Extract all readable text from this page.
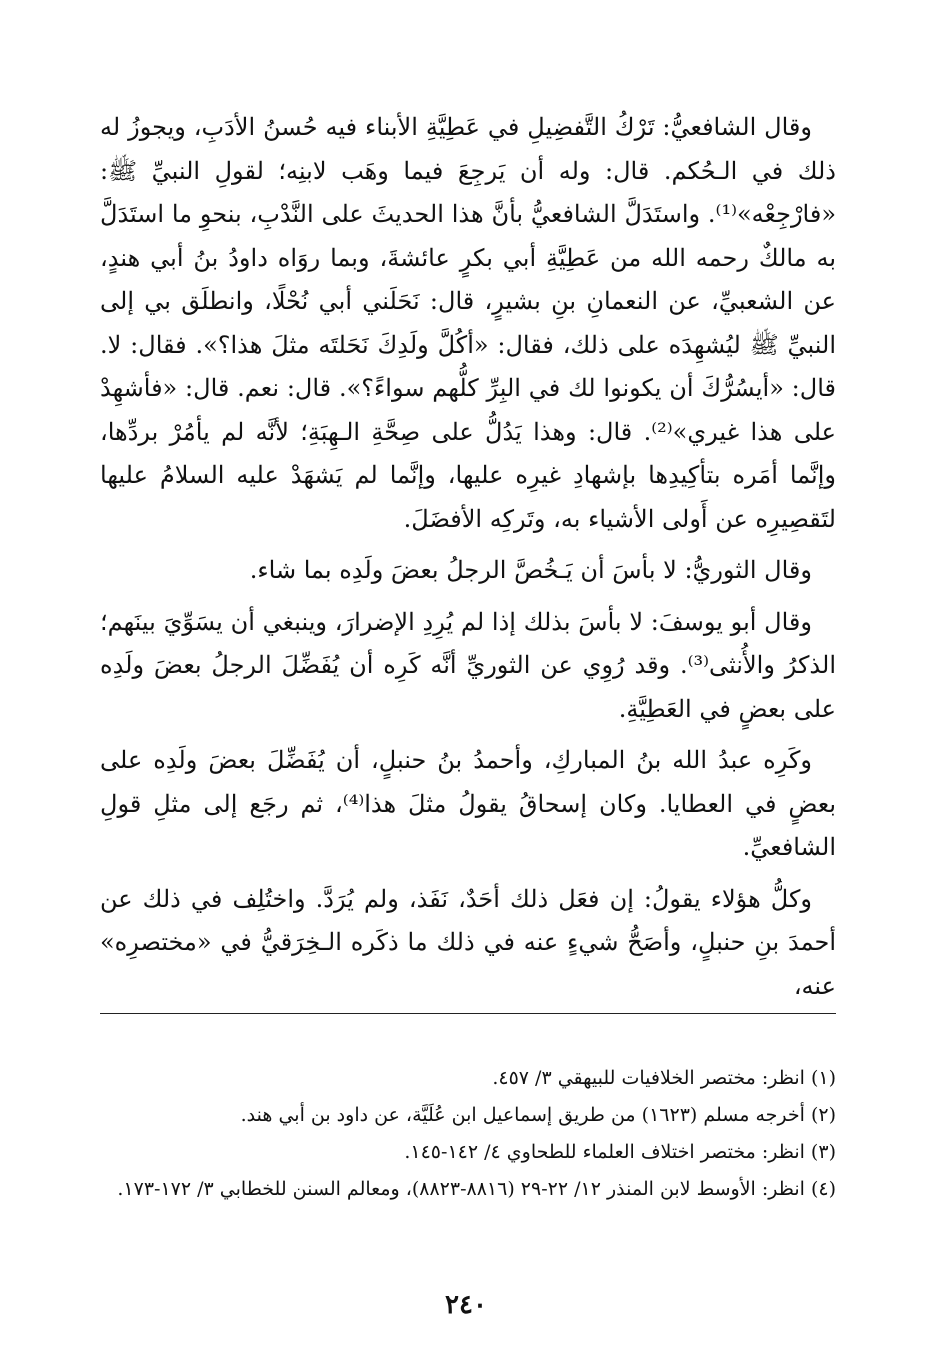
وقال الشافعيُّ: تَرْكُ التَّفضِيلِ في عَطِيَّةِ الأبناء فيه حُسنُ الأدَبِ، ويجوزُ له ذلك في الـحُكم. قال: وله أن يَرجِعَ فيما وهَب لابنِه؛ لقولِ النبيِّ ﷺ: «فارْجِعْه»⁽¹⁾. واستَدَلَّ الشافعيُّ بأنَّ هذا الحديثَ على النَّدْبِ، بنحوِ ما استَدَلَّ به مالكٌ رحمه الله من عَطِيَّةِ أبي بكرٍ عائشةَ، وبما روَاه داودُ بنُ أبي هندٍ، عن الشعبيِّ، عن النعمانِ بنِ بشيرٍ، قال: نَحَلَني أبي نُحْلًا، وانطلَق بي إلى النبيِّ ﷺ ليُشهِدَه على ذلك، فقال: «أكُلَّ ولَدِكَ نَحَلتَه مثلَ هذا؟». فقال: لا. قال: «أيسُرُّكَ أن يكونوا لك في البِرِّ كلُّهم سواءً؟». قال: نعم. قال: «فأشهِدْ على هذا غيري»⁽²⁾. قال: وهذا يَدُلُّ على صِحَّةِ الـهِبَةِ؛ لأنَّه لم يأمُرْ بردِّها، وإنَّما أمَره بتأكِيدِها بإشهادِ غيرِه عليها، وإنَّما لم يَشهَدْ عليه السلامُ عليها لتَقصِيرِه عن أَولى الأشياء به، وتَركِه الأفضَلَ.

وقال الثوريُّ: لا بأسَ أن يَـخُصَّ الرجلُ بعضَ ولَدِه بما شاء.

وقال أبو يوسفَ: لا بأسَ بذلك إذا لم يُرِدِ الإضرارَ، وينبغي أن يسَوِّيَ بينَهم؛ الذكرُ والأُنثى⁽³⁾. وقد رُوِي عن الثوريِّ أنَّه كَرِه أن يُفَضِّلَ الرجلُ بعضَ ولَدِه على بعضٍ في العَطِيَّةِ.

وكَرِه عبدُ الله بنُ المباركِ، وأحمدُ بنُ حنبلٍ، أن يُفَضِّلَ بعضَ ولَدِه على بعضٍ في العطايا. وكان إسحاقُ يقولُ مثلَ هذا⁽⁴⁾، ثم رجَع إلى مثلِ قولِ الشافعيِّ.

وكلُّ هؤلاء يقولُ: إن فعَل ذلك أحَدٌ، نَفَذ، ولم يُرَدَّ. واختُلِف في ذلك عن أحمدَ بنِ حنبلٍ، وأصَحُّ شيءٍ عنه في ذلك ما ذكَره الـخِرَقيُّ في «مختصرِه» عنه،

(١) انظر: مختصر الخلافيات للبيهقي ٣/ ٤٥٧.

(٢) أخرجه مسلم (١٦٢٣) من طريق إسماعيل ابن عُلَيَّة، عن داود بن أبي هند.

(٣) انظر: مختصر اختلاف العلماء للطحاوي ٤/ ١٤٢-١٤٥.

(٤) انظر: الأوسط لابن المنذر ١٢/ ٢٢-٢٩ (٨٨١٦-٨٨٢٣)، ومعالم السنن للخطابي ٣/ ١٧٢-١٧٣.

٢٤٠
